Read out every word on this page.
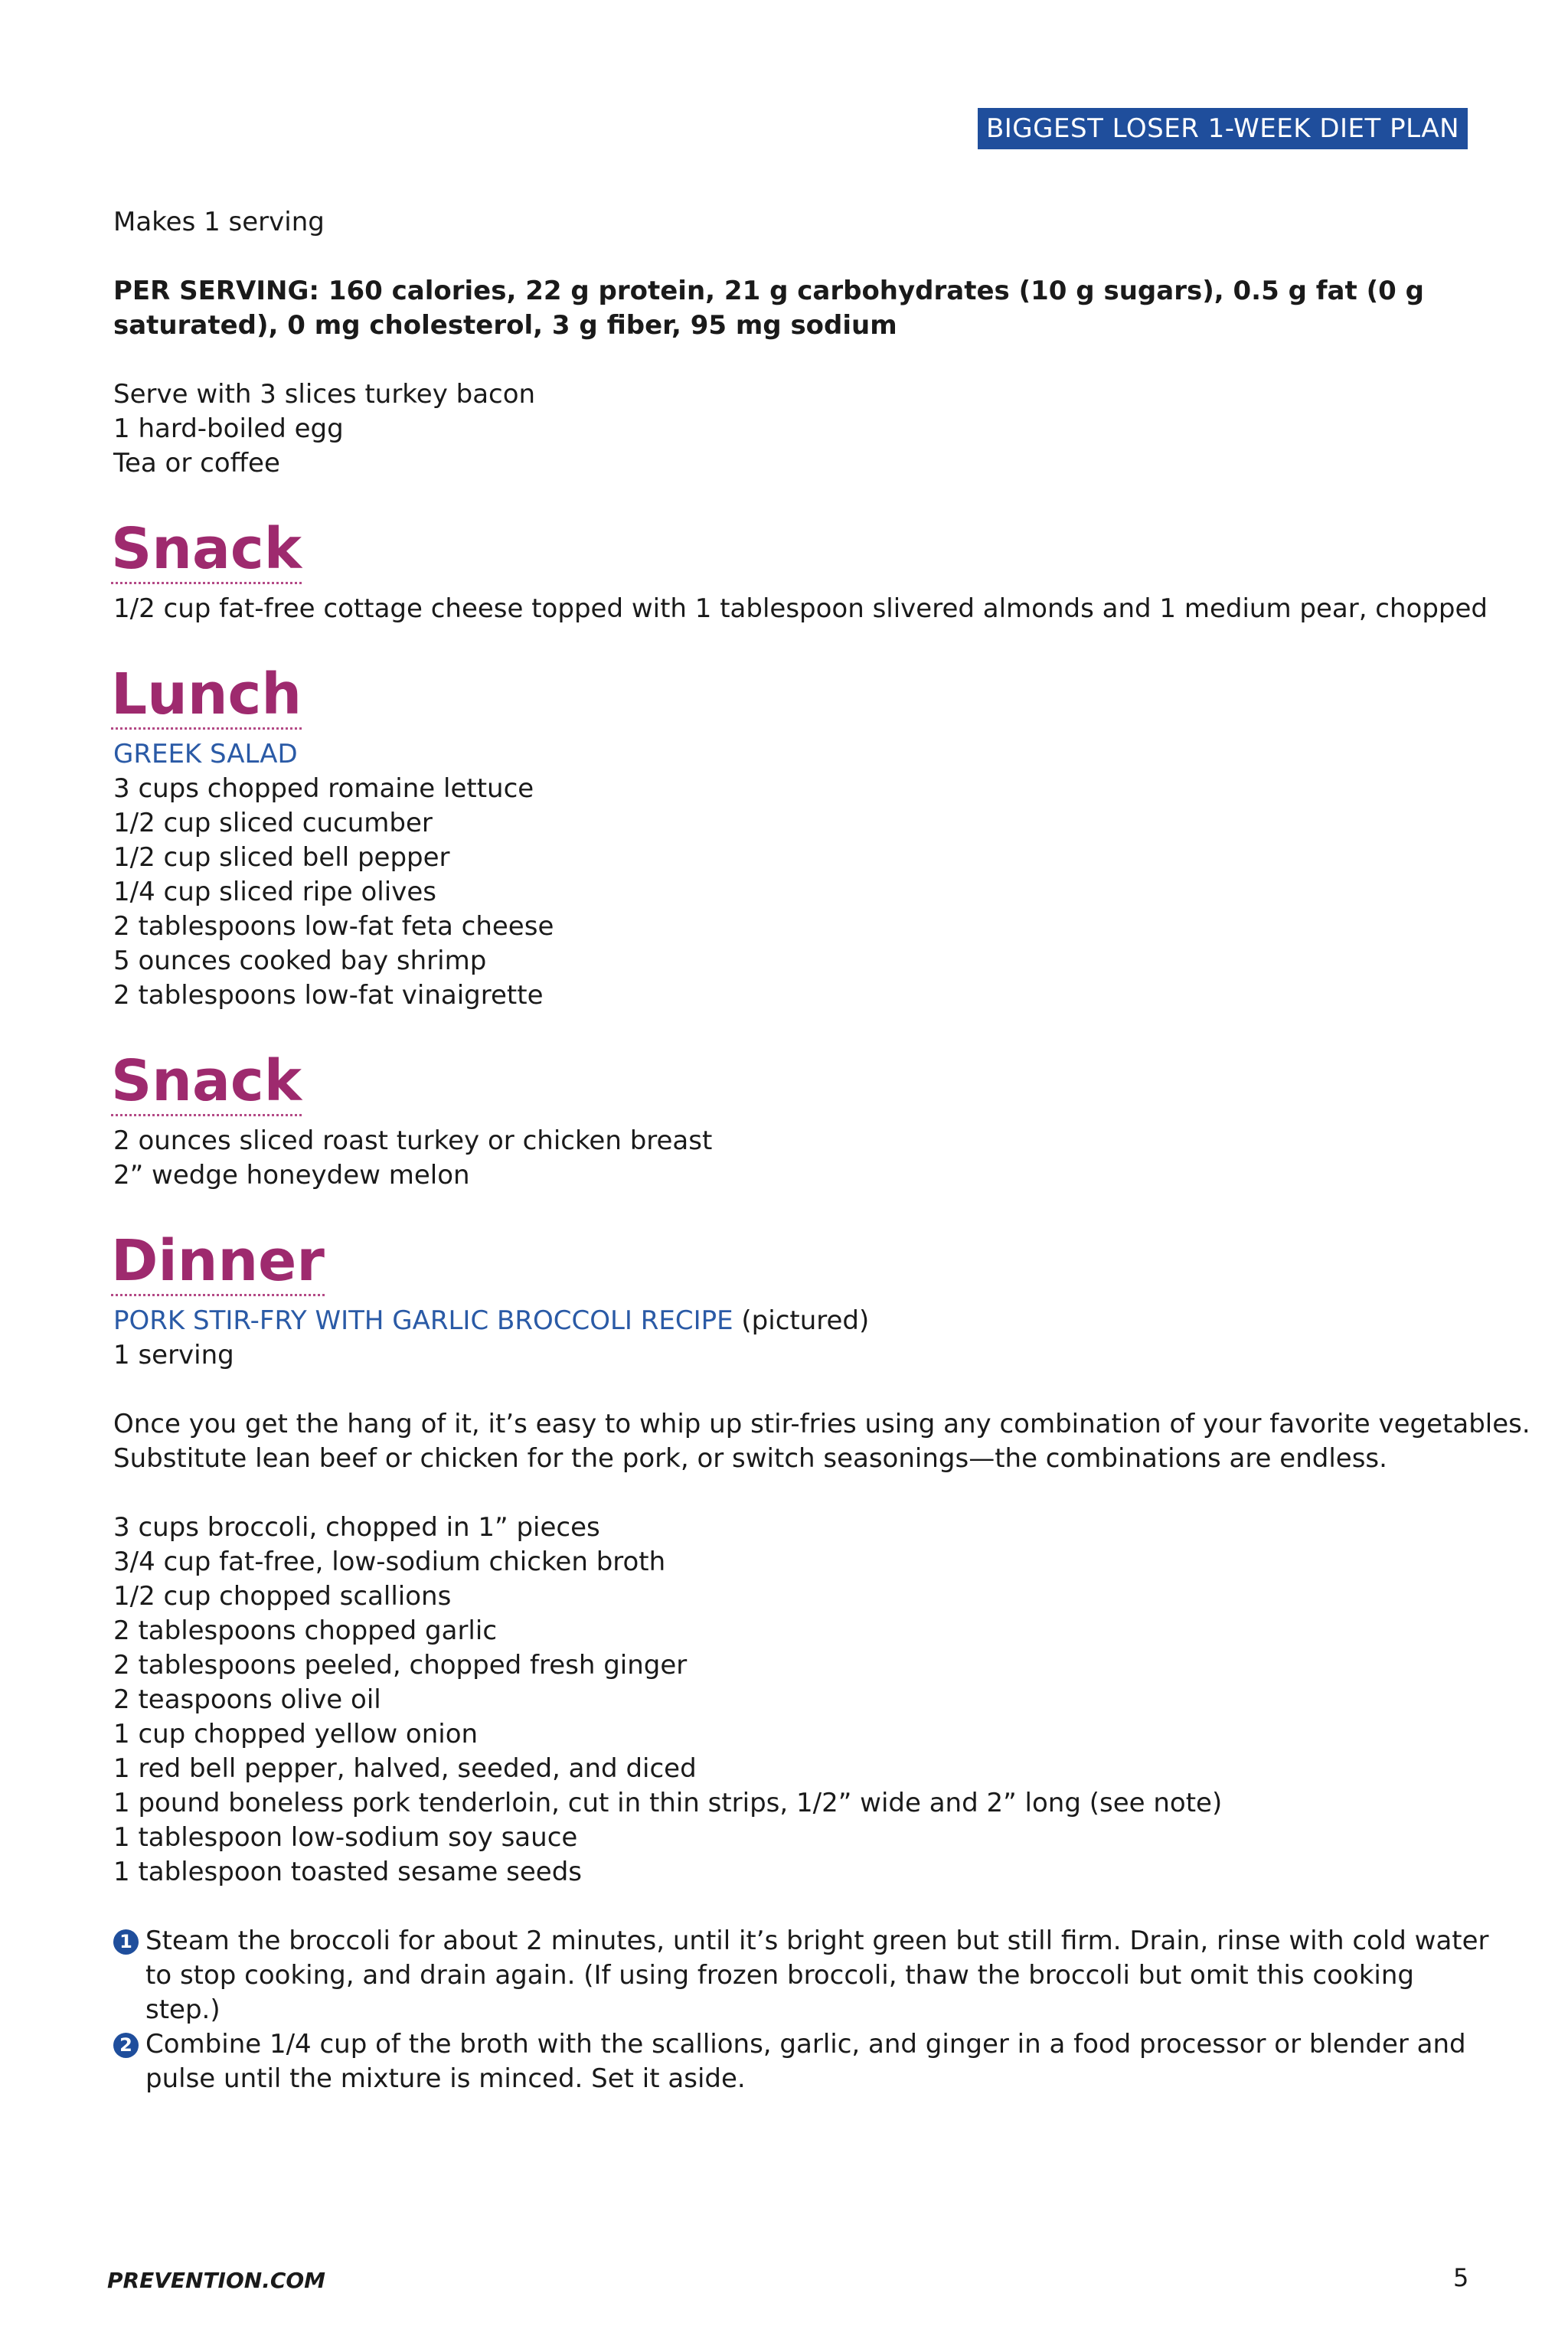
BIGGEST LOSER 1-WEEK DIET PLAN
Makes 1 serving
PER SERVING: 160 calories, 22 g protein, 21 g carbohydrates (10 g sugars), 0.5 g fat (0 g saturated), 0 mg cholesterol, 3 g fiber, 95 mg sodium
Serve with 3 slices turkey bacon
1 hard-boiled egg
Tea or coffee
Snack
1/2 cup fat-free cottage cheese topped with 1 tablespoon slivered almonds and 1 medium pear, chopped
Lunch
GREEK SALAD
3 cups chopped romaine lettuce
1/2 cup sliced cucumber
1/2 cup sliced bell pepper
1/4 cup sliced ripe olives
2 tablespoons low-fat feta cheese
5 ounces cooked bay shrimp
2 tablespoons low-fat vinaigrette
Snack
2 ounces sliced roast turkey or chicken breast
2” wedge honeydew melon
Dinner
PORK STIR-FRY WITH GARLIC BROCCOLI RECIPE (pictured)
1 serving
Once you get the hang of it, it’s easy to whip up stir-fries using any combination of your favorite vegetables.
Substitute lean beef or chicken for the pork, or switch seasonings—the combinations are endless.
3 cups broccoli, chopped in 1” pieces
3/4 cup fat-free, low-sodium chicken broth
1/2 cup chopped scallions
2 tablespoons chopped garlic
2 tablespoons peeled, chopped fresh ginger
2 teaspoons olive oil
1 cup chopped yellow onion
1 red bell pepper, halved, seeded, and diced
1 pound boneless pork tenderloin, cut in thin strips, 1/2” wide and 2” long (see note)
1 tablespoon low-sodium soy sauce
1 tablespoon toasted sesame seeds
1 Steam the broccoli for about 2 minutes, until it’s bright green but still firm. Drain, rinse with cold water to stop cooking, and drain again. (If using frozen broccoli, thaw the broccoli but omit this cooking step.)
2 Combine 1/4 cup of the broth with the scallions, garlic, and ginger in a food processor or blender and pulse until the mixture is minced. Set it aside.
PREVENTION.COM	5
